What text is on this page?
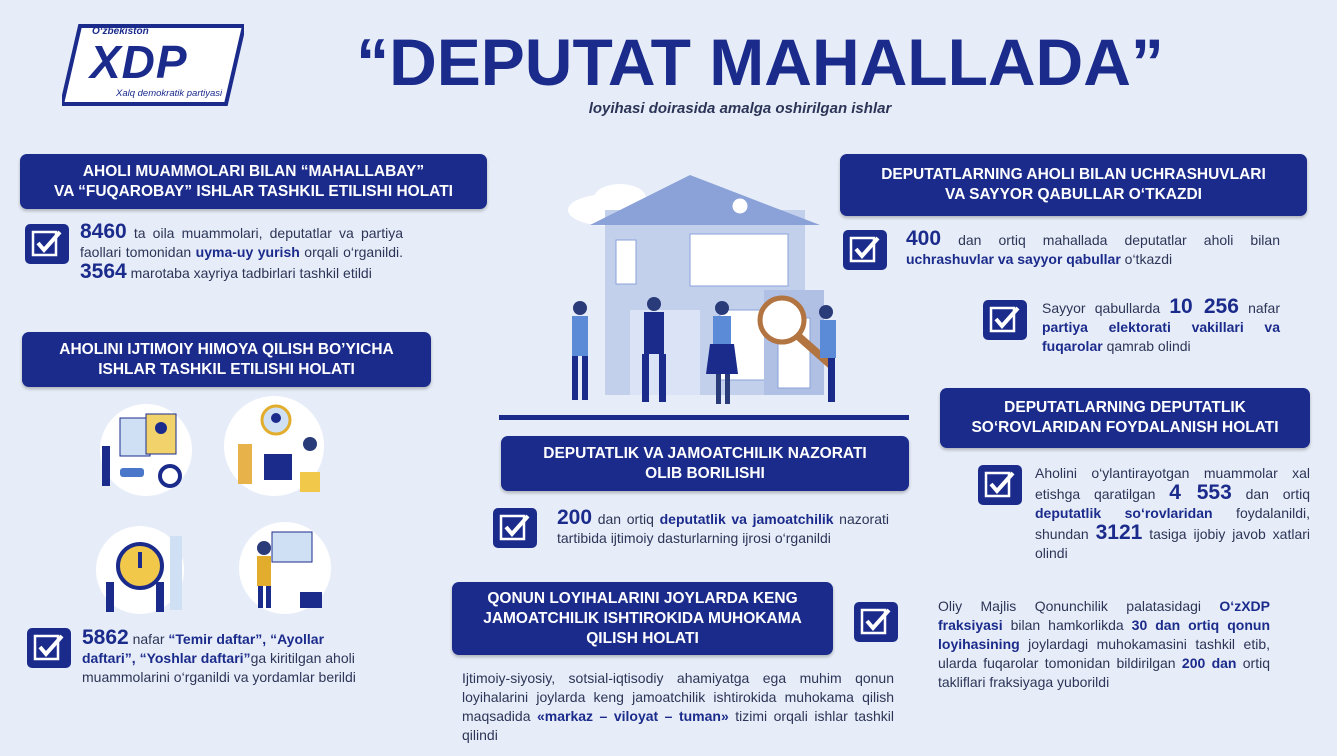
O‘zbekiston
XDP
Xalq demokratik partiyasi “DEPUTAT MAHALLADA”
loyihasi doirasida amalga oshirilgan ishlar
AHOLI MUAMMOLARI BILAN “MAHALLABAY”
VA “FUQAROBAY” ISHLAR TASHKIL ETILISHI HOLATI
8460 ta oila muammolari, deputatlar va partiya faollari tomonidan uyma-uy yurish orqali o‘rganildi. 3564 marotaba xayriya tadbirlari tashkil etildi
AHOLINI IJTIMOIY HIMOYA QILISH BO’YICHA
ISHLAR TASHKIL ETILISHI HOLATI
5862 nafar “Temir daftar”, “Ayollar daftari”, “Yoshlar daftari”ga kiritilgan aholi muammolarini o‘rganildi va yordamlar berildi
DEPUTATLIK VA JAMOATCHILIK NAZORATI
OLIB BORILISHI
200 dan ortiq deputatlik va jamoatchilik nazorati tartibida ijtimoiy dasturlarning ijrosi o‘rganildi
QONUN LOYIHALARINI JOYLARDA KENG
JAMOATCHILIK ISHTIROKIDA MUHOKAMA
QILISH HOLATI
Ijtimoiy-siyosiy, sotsial-iqtisodiy ahamiyatga ega muhim qonun loyihalarini joylarda keng jamoatchilik ishtirokida muhokama qilish maqsadida «markaz – viloyat – tuman» tizimi orqali ishlar tashkil qilindi
DEPUTATLARNING AHOLI BILAN UCHRASHUVLARI
VA SAYYOR QABULLAR O‘TKAZDI
400 dan ortiq mahallada deputatlar aholi bilan uchrashuvlar va sayyor qabullar o‘tkazdi
Sayyor qabullarda 10 256 nafar partiya elektorati vakillari va fuqarolar qamrab olindi
DEPUTATLARNING DEPUTATLIK
SO‘ROVLARIDAN FOYDALANISH HOLATI
Aholini o‘ylantirayotgan muammolar xal etishga qaratilgan 4 553 dan ortiq deputatlik so‘rovlaridan foydalanildi, shundan 3121 tasiga ijobiy javob xatlari olindi
Oliy Majlis Qonunchilik palatasidagi O‘zXDP fraksiyasi bilan hamkorlikda 30 dan ortiq qonun loyihasining joylardagi muhokamasini tashkil etib, ularda fuqarolar tomonidan bildirilgan 200 dan ortiq takliflari fraksiyaga yuborildi
